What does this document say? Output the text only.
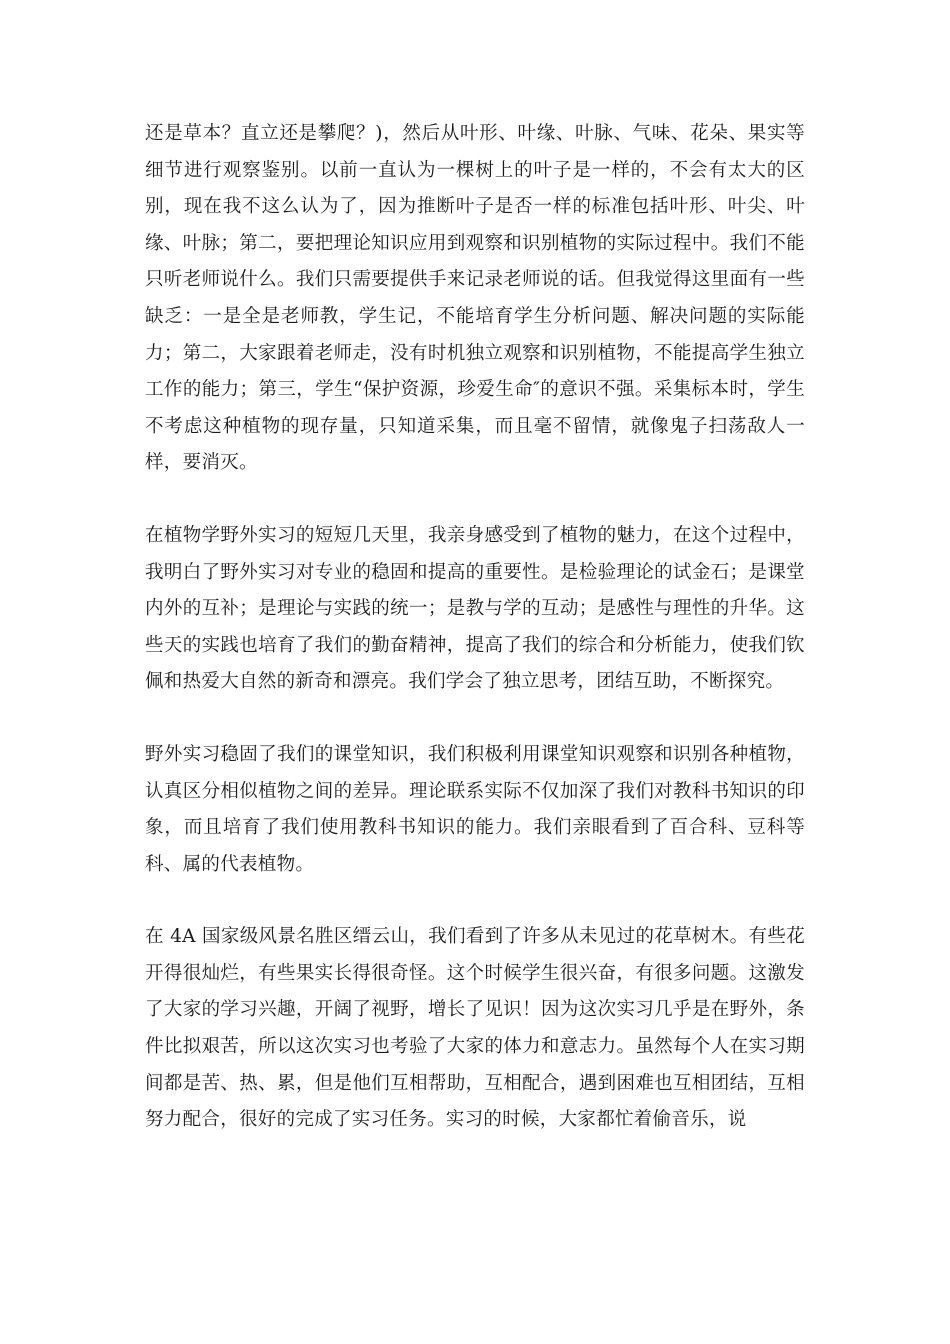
还是草本？直立还是攀爬？)，然后从叶形、叶缘、叶脉、气味、花朵、果实等细节进行观察鉴别。以前一直认为一棵树上的叶子是一样的，不会有太大的区别，现在我不这么认为了，因为推断叶子是否一样的标准包括叶形、叶尖、叶缘、叶脉；第二，要把理论知识应用到观察和识别植物的实际过程中。我们不能只听老师说什么。我们只需要提供手来记录老师说的话。但我觉得这里面有一些缺乏：一是全是老师教，学生记，不能培育学生分析问题、解决问题的实际能力；第二，大家跟着老师走，没有时机独立观察和识别植物，不能提高学生独立工作的能力；第三，学生“保护资源，珍爱生命″的意识不强。采集标本时，学生不考虑这种植物的现存量，只知道采集，而且毫不留情，就像鬼子扫荡敌人一样，要消灭。

在植物学野外实习的短短几天里，我亲身感受到了植物的魅力，在这个过程中，我明白了野外实习对专业的稳固和提高的重要性。是检验理论的试金石；是课堂内外的互补；是理论与实践的统一；是教与学的互动；是感性与理性的升华。这些天的实践也培育了我们的勤奋精神，提高了我们的综合和分析能力，使我们钦佩和热爱大自然的新奇和漂亮。我们学会了独立思考，团结互助，不断探究。

野外实习稳固了我们的课堂知识，我们积极利用课堂知识观察和识别各种植物，认真区分相似植物之间的差异。理论联系实际不仅加深了我们对教科书知识的印象，而且培育了我们使用教科书知识的能力。我们亲眼看到了百合科、豆科等科、属的代表植物。

在 4A 国家级风景名胜区缙云山，我们看到了许多从未见过的花草树木。有些花开得很灿烂，有些果实长得很奇怪。这个时候学生很兴奋，有很多问题。这激发了大家的学习兴趣，开阔了视野，增长了见识！因为这次实习几乎是在野外，条件比拟艰苦，所以这次实习也考验了大家的体力和意志力。虽然每个人在实习期间都是苦、热、累，但是他们互相帮助，互相配合，遇到困难也互相团结，互相努力配合，很好的完成了实习任务。实习的时候，大家都忙着偷音乐，说
